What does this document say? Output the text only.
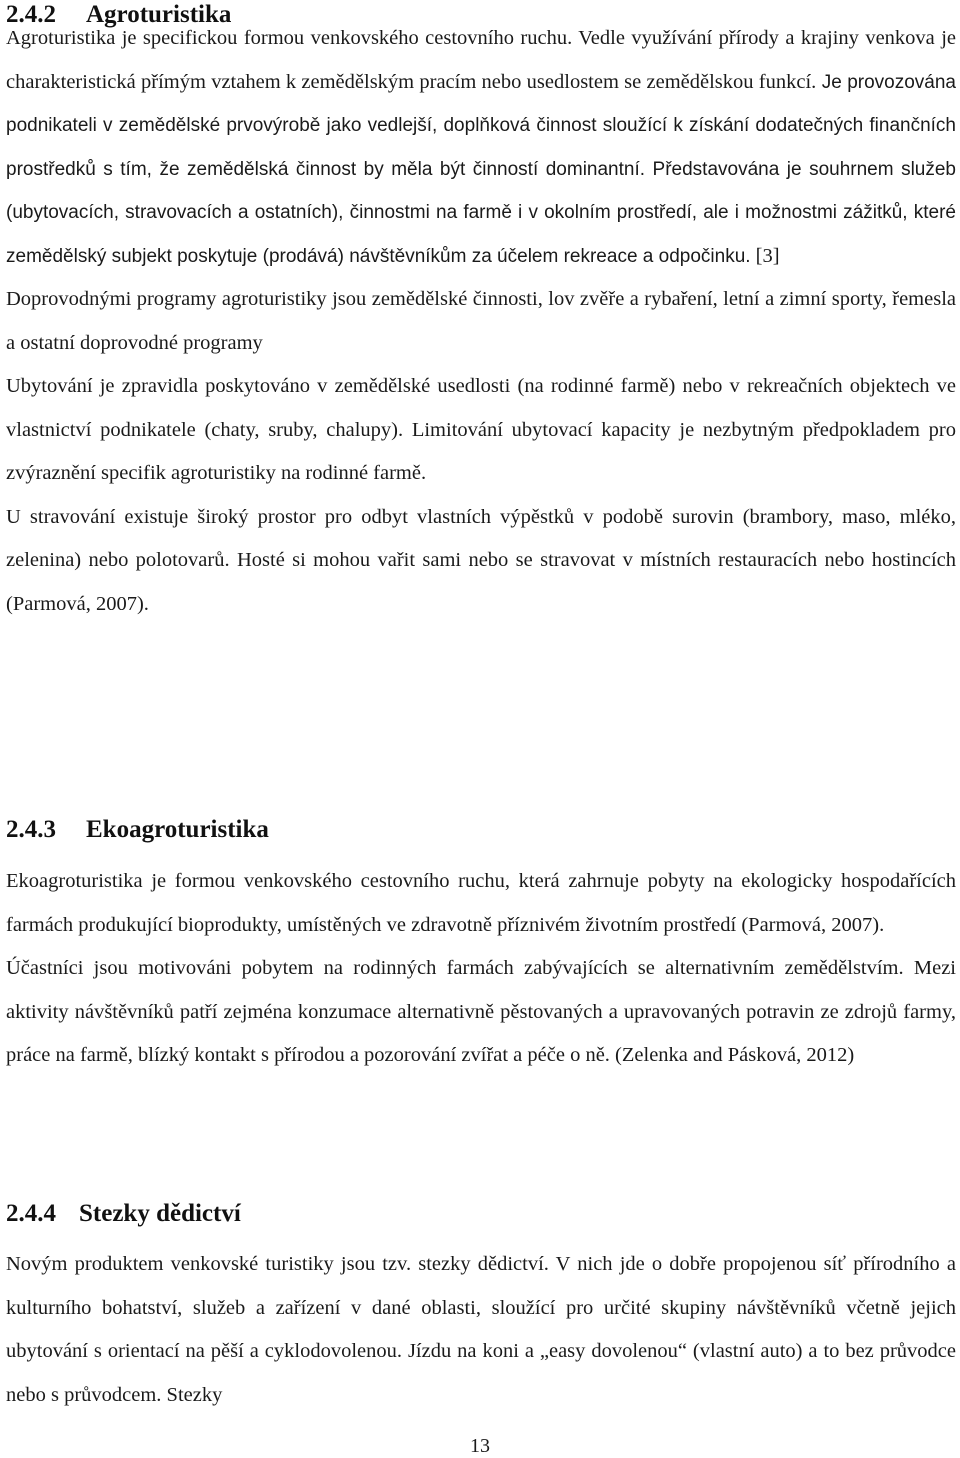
2.4.2 Agroturistika

Agroturistika je specifickou formou venkovského cestovního ruchu. Vedle využívání přírody a krajiny venkova je charakteristická přímým vztahem k zemědělským pracím nebo usedlostem se zemědělskou funkcí. Je provozována podnikateli v zemědělské prvovýrobě jako vedlejší, doplňková činnost sloužící k získání dodatečných finančních prostředků s tím, že zemědělská činnost by měla být činností dominantní. Představována je souhrnem služeb (ubytovacích, stravovacích a ostatních), činnostmi na farmě i v okolním prostředí, ale i možnostmi zážitků, které zemědělský subjekt poskytuje (prodává) návštěvníkům za účelem rekreace a odpočinku. [3]

Doprovodnými programy agroturistiky jsou zemědělské činnosti, lov zvěře a rybaření, letní a zimní sporty, řemesla a ostatní doprovodné programy

Ubytování je zpravidla poskytováno v zemědělské usedlosti (na rodinné farmě) nebo v rekreačních objektech ve vlastnictví podnikatele (chaty, sruby, chalupy). Limitování ubytovací kapacity je nezbytným předpokladem pro zvýraznění specifik agroturistiky na rodinné farmě.

U stravování existuje široký prostor pro odbyt vlastních výpěstků v podobě surovin (brambory, maso, mléko, zelenina) nebo polotovarů. Hosté si mohou vařit sami nebo se stravovat v místních restauracích nebo hostincích (Parmová, 2007).

2.4.3 Ekoagroturistika

Ekoagroturistika je formou venkovského cestovního ruchu, která zahrnuje pobyty na ekologicky hospodařících farmách produkující bioprodukty, umístěných ve zdravotně příznivém životním prostředí (Parmová, 2007).

Účastníci jsou motivováni pobytem na rodinných farmách zabývajících se alternativním zemědělstvím. Mezi aktivity návštěvníků patří zejména konzumace alternativně pěstovaných a upravovaných potravin ze zdrojů farmy, práce na farmě, blízký kontakt s přírodou a pozorování zvířat a péče o ně. (Zelenka and Pásková, 2012)

2.4.4 Stezky dědictví

Novým produktem venkovské turistiky jsou tzv. stezky dědictví. V nich jde o dobře propojenou síť přírodního a kulturního bohatství, služeb a zařízení v dané oblasti, sloužící pro určité skupiny návštěvníků včetně jejich ubytování s orientací na pěší a cyklodovolenou. Jízdu na koni a „easy dovolenou“ (vlastní auto) a to bez průvodce nebo s průvodcem. Stezky

13
